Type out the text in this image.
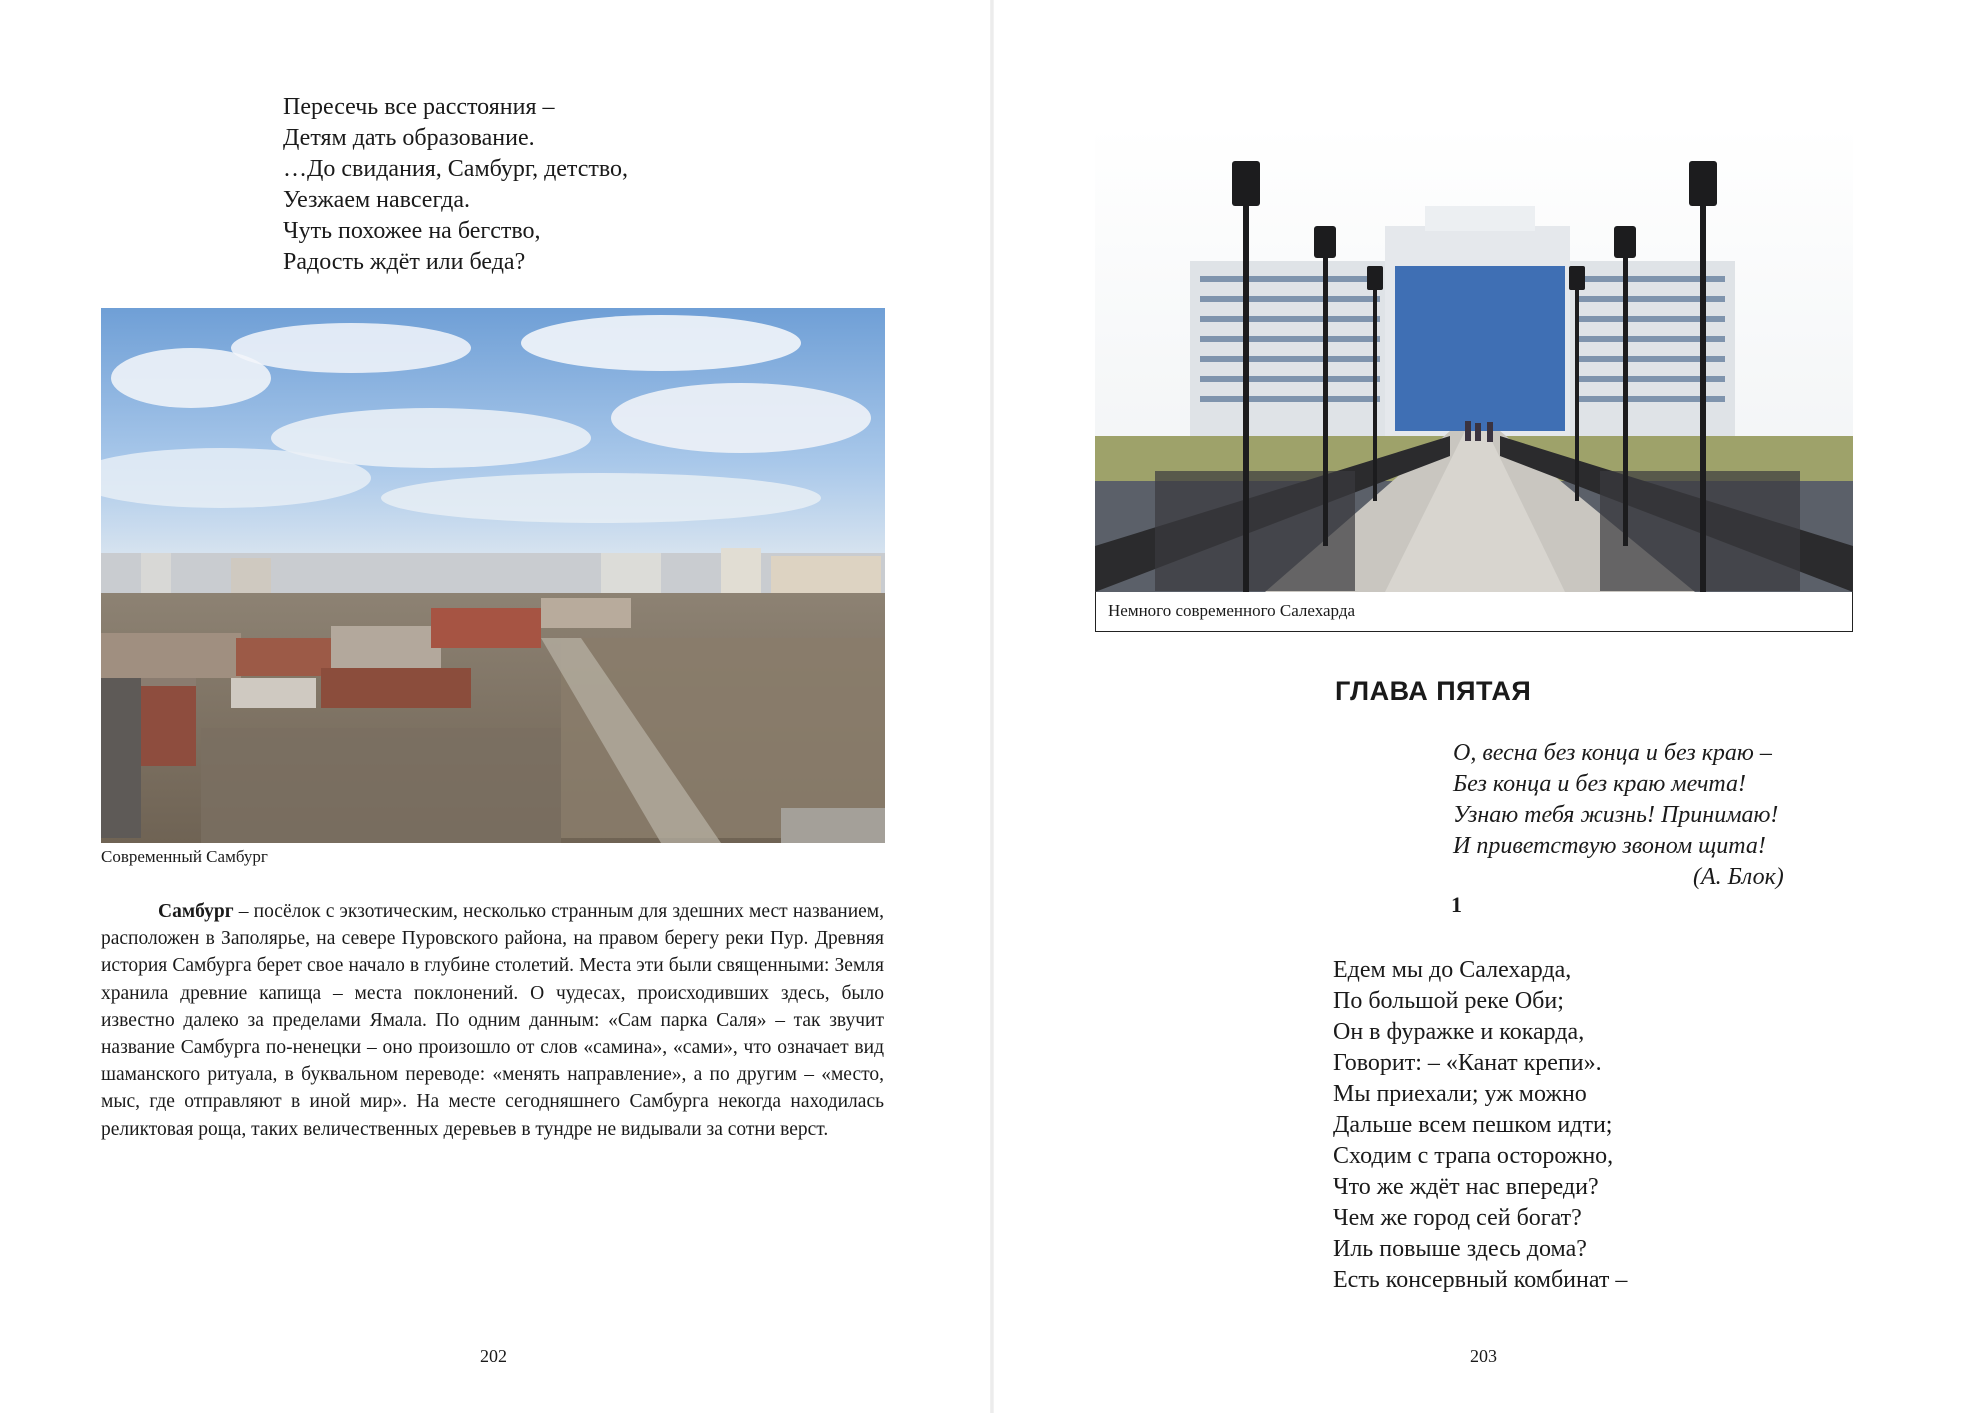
Пересечь все расстояния –
Детям дать образование.
…До свидания, Самбург, детство,
Уезжаем навсегда.
Чуть похожее на бегство,
Радость ждёт или беда?
Современный Самбург

Самбург – посёлок с экзотическим, несколько странным для здешних мест названием, расположен в Заполярье, на севере Пуровского района, на правом берегу реки Пур. Древняя история Самбурга берет свое начало в глубине столетий. Места эти были священными: Земля хранила древние капища – места поклонений. О чудесах, происходивших здесь, было известно далеко за пределами Ямала. По одним данным: «Сам паркa Саля» – так звучит название Самбурга по-ненецки – оно произошло от слов «самина», «сами», что означает вид шаманского ритуала, в буквальном переводе: «менять направление», а по другим – «место, мыс, где отправляют в иной мир». На месте сегодняшнего Самбурга некогда находилась реликтовая роща, таких величественных деревьев в тундре не видывали за сотни верст.

202
Немного современного Салехарда
ГЛАВА ПЯТАЯ
О, весна без конца и без краю –
Без конца и без краю мечта!
Узнаю тебя жизнь! Принимаю!
И приветствую звоном щита!
(А. Блок)
1
Едем мы до Салехарда,
По большой реке Оби;
Он в фуражке и кокарда,
Говорит: – «Канат крепи».
Мы приехали; уж можно
Дальше всем пешком идти;
Сходим с трапа осторожно,
Что же ждёт нас впереди?
Чем же город сей богат?
Иль повыше здесь дома?
Есть консервный комбинат –
203
